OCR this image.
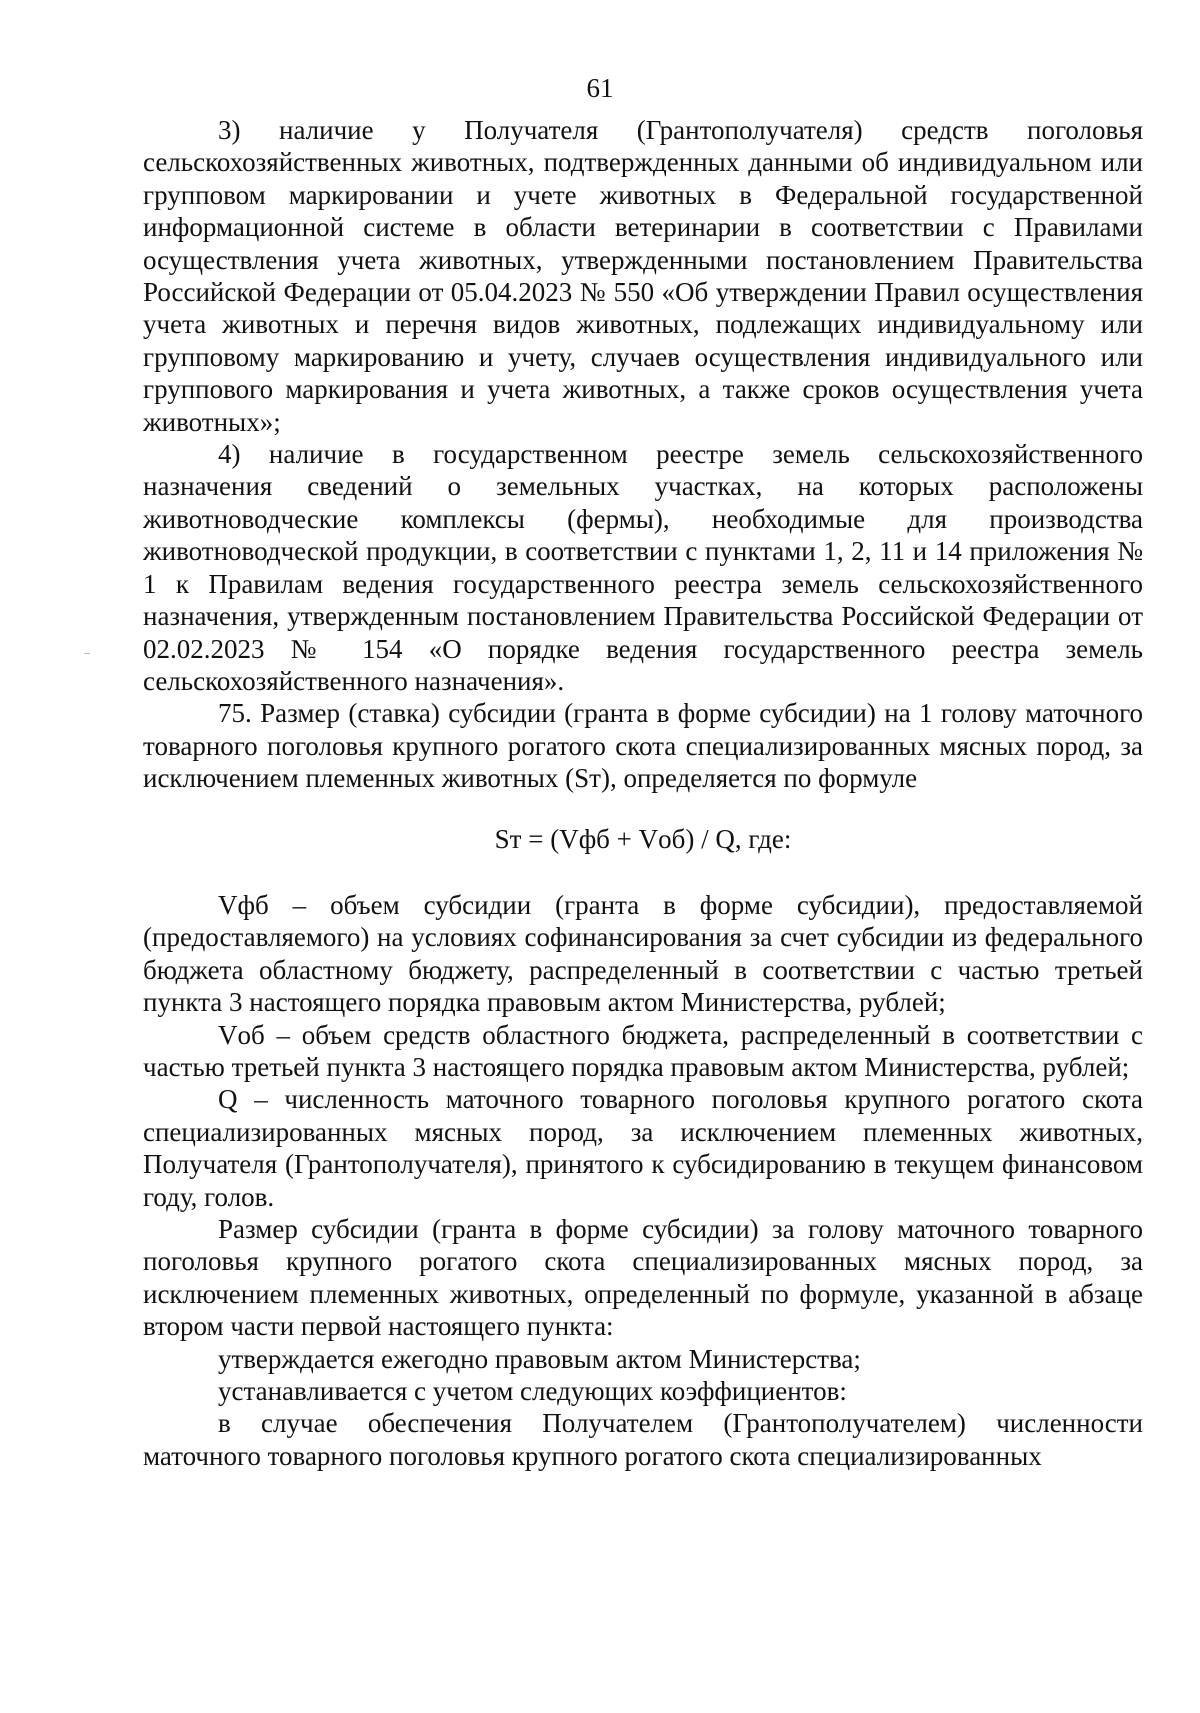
61

3) наличие у Получателя (Грантополучателя) средств поголовья сельскохозяйственных животных, подтвержденных данными об индивидуальном или групповом маркировании и учете животных в Федеральной государственной информационной системе в области ветеринарии в соответствии с Правилами осуществления учета животных, утвержденными постановлением Правительства Российской Федерации от 05.04.2023 № 550 «Об утверждении Правил осуществления учета животных и перечня видов животных, подлежащих индивидуальному или групповому маркированию и учету, случаев осуществления индивидуального или группового маркирования и учета животных, а также сроков осуществления учета животных»;

4) наличие в государственном реестре земель сельскохозяйственного назначения сведений о земельных участках, на которых расположены животноводческие комплексы (фермы), необходимые для производства животноводческой продукции, в соответствии с пунктами 1, 2, 11 и 14 приложения № 1 к Правилам ведения государственного реестра земель сельскохозяйственного назначения, утвержденным постановлением Правительства Российской Федерации от 02.02.2023 № 154 «О порядке ведения государственного реестра земель сельскохозяйственного назначения».

75. Размер (ставка) субсидии (гранта в форме субсидии) на 1 голову маточного товарного поголовья крупного рогатого скота специализированных мясных пород, за исключением племенных животных (Sт), определяется по формуле

Sт = (Vфб + Vоб) / Q, где:

Vфб – объем субсидии (гранта в форме субсидии), предоставляемой (предоставляемого) на условиях софинансирования за счет субсидии из федерального бюджета областному бюджету, распределенный в соответствии с частью третьей пункта 3 настоящего порядка правовым актом Министерства, рублей;

Vоб – объем средств областного бюджета, распределенный в соответствии с частью третьей пункта 3 настоящего порядка правовым актом Министерства, рублей;

Q – численность маточного товарного поголовья крупного рогатого скота специализированных мясных пород, за исключением племенных животных, Получателя (Грантополучателя), принятого к субсидированию в текущем финансовом году, голов.

Размер субсидии (гранта в форме субсидии) за голову маточного товарного поголовья крупного рогатого скота специализированных мясных пород, за исключением племенных животных, определенный по формуле, указанной в абзаце втором части первой настоящего пункта:

утверждается ежегодно правовым актом Министерства;

устанавливается с учетом следующих коэффициентов:

в случае обеспечения Получателем (Грантополучателем) численности маточного товарного поголовья крупного рогатого скота специализированных
